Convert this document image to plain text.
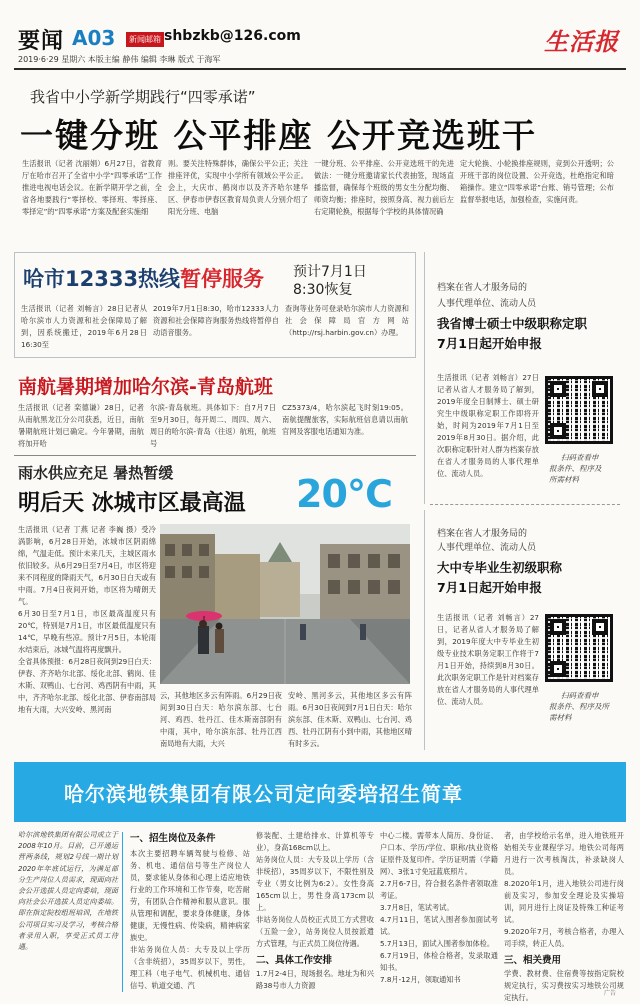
要闻 A03	新闻邮箱 shbzkb@126.com	生活报
2019·6·29 星期六 本版主编 静伟 编辑 李琳 版式 于海军
我省中小学新学期践行“四零承诺”
一键分班 公平排座 公开竞选班干
生活报讯（记者 沈丽娟）6月27日，省教育厅在哈市召开了全省中小学“四零承诺”工作推进电视电话会议。在新学期开学之前，全省各地要践行“零择校、零择班、零择座、零择定”的“四零承诺”方案及配套实施细
则。要关注特殊群体，确保公平公正；关注排座评优，实现中小学所有领域公平公正。会上，大庆市、鹤岗市以及齐齐哈尔建华区、伊春市伊春区教育局负责人分别介绍了阳光分班、电脑
一键分班、公平排座、公开竞选班干的先进做法：一键分班邀请家长代表抽签，现场直播监督，确保每个班级的男女生分配均衡、师资均衡；排座时，按照身高、视力前后左右定期轮换，根据每个学校的具体情况确
定大轮换、小轮换排座规则，竞到公开透明；公开班干部的岗位设置、公开竞选，杜绝指定和暗箱操作。建立“四零承诺”台账、销号管理；公布监督举报电话，加强检查，实施问责。
哈市12333热线暂停服务 预计7月1日
8:30恢复
生活报讯（记者 刘畅言）28日记者从哈尔滨市人力资源和社会保障局了解到，因系统搬迁，2019年6月28日16:30至
2019年7月1日8:30，哈市12333人力资源和社会保障咨询服务热线将暂停自动语音服务。
查询等业务可登录哈尔滨市人力资源和社会保障局官方网站（http://rsj.harbin.gov.cn）办理。
南航暑期增加哈尔滨-青岛航班
生活报讯（记者 栾德谦）28日，记者从南航黑龙江分公司获悉，近日，南航暑期航班计划已确定。今年暑期，南航将加开哈
尔滨-青岛航班。具体如下：自7月7日至9月30日，每开周二、周四、周六、周日的哈尔滨-青岛（往返）航班，航班号
CZ5373/4，哈尔滨起飞时刻19:05。南航提醒旅客，实际航班信息请以南航官网及客服电话通知为准。
雨水供应充足 暑热暂缓
明后天 冰城市区最高温 20℃

生活报讯（记者 丁燕 记者 李巍 摄）受冷涡影响，6月28日开始，冰城市区阴雨绵绵，气温走低。预计未来几天，主城区雨水依旧较多。从6月29日至7月4日，市区将迎来不同程度的降雨天气，6月30日白天或有中雨。7月4日夜间开始，市区将为晴朗天气。

6月30日至7月1日，市区最高温度只有20℃，特别是7月1日，市区最低温度只有14℃，早晚有些凉。预计7月5日，本轮雨水结束后，冰城气温将再度飘升。

全省具体预报：6月28日夜间到29日白天：伊春、齐齐哈尔北部、绥化北部、鹤岗、佳木斯、双鸭山、七台河、鸡西阴有中雨，其中，齐齐哈尔北部、绥化北部、伊春南部局地有大雨，大兴安岭、黑河南

云，其他地区多云有阵雨。6月29日夜间到30日白天：哈尔滨东部、七台河、鸡西、牡丹江、佳木斯南部阴有中雨，其中，哈尔滨东部、牡丹江西南局地有大雨，大兴
安岭、黑河多云，其他地区多云有阵雨。6月30日夜间到7月1日白天：哈尔滨东部、佳木斯、双鸭山、七台河、鸡西、牡丹江阴有小到中雨，其他地区晴有时多云。
档案在省人才服务局的
人事代理单位、流动人员
我省博士硕士中级职称定职
7月1日起开始申报
生活报讯（记者 刘畅言）27日记者从省人才服务局了解到，2019年度全日制博士、硕士研究生中级职称定职工作即将开始，时间为2019年7月1日至2019年8月30日。据介绍，此次职称定职针对人群为档案存放在省人才服务局的人事代理单位、流动人员。
扫码查看申
报条件、程序及
所需材料
档案在省人才服务局的
人事代理单位、流动人员
大中专毕业生初级职称
7月1日起开始申报
生活报讯（记者 刘畅言）27日，记者从省人才服务局了解到，2019年度大中专毕业生初级专业技术职务定职工作将于7月1日开始，持续到8月30日。此次职务定职工作是针对档案存放在省人才服务局的人事代理单位、流动人员。
扫码查看申
报条件、程序及所
需材料
哈尔滨地铁集团有限公司定向委培招生简章
哈尔滨地铁集团有限公司成立于2008年10月。目前，已开通运营两条线，规划2号线一期计划2020年年底试运行，为满足部分生产岗位人员需求，现面向社会公开选拔人员定向委培，现面向社会公开选拔人员定向委培。即在指定院校组班培训，在地铁公司项目实习及学习，考核合格者录用入职，享受正式员工待遇。
一、招生岗位及条件
本次主要招聘车辆驾驶与检修、站务、机电、通信信号等生产岗位人员，要求能从身体和心理上适应地铁行业的工作环境和工作节奏，吃苦耐劳，有团队合作精神和服从意识。服从管理和调配，要求身体健康，身体健康，无慢性病、传染病，精神病家族史。
非站务岗位人员：大专及以上学历（含非统招），35周岁以下，男性，理工科（电子电气、机械机电、通信信号、轨道交通、汽
修装配、土建给排水、计算机等专业），身高168cm以上。
站务岗位人员：大专及以上学历（含非统招），35周岁以下，不限性别及专业（男女比例为6:2）。女性身高165cm以上，男性身高173cm以上。
非站务岗位人员校正式员工方式营收（五险一金），站务岗位人员按派遣方式管理，与正式员工岗位待遇。
二、具体工作安排
1.7月2-4日，现场报名。地址为和兴路38号市人力资源
中心二楼。需带本人简历、身份证、户口本、学历/学位、职称/执业资格证原件及复印件。学历证明需（学籍网）、3张1寸免冠蓝底照片。
2.7月6-7日，符合报名条件者领取准考证。
3.7月8日，笔试考试。
4.7月11日，笔试入围者参加面试考试。
5.7月13日，面试入围者参加体检。
6.7月19日，体检合格者，发录取通知书。
7.8月-12月，领取通知书
者，由学校给示名单，进入地铁班开始相关专业课程学习。地铁公司每两月进行一次考核淘汰，补录缺岗人员。
8.2020年1月，进入地铁公司进行岗前及实习，参加安全理论及实操培训，同月进行上岗证及特殊工种证考试。
9.2020年7月，考核合格者，办理入司手续，转正人员。
三、相关费用
学费、教材费、住宿费等按指定院校规定执行，实习费按实习地铁公司规定执行。	广告
